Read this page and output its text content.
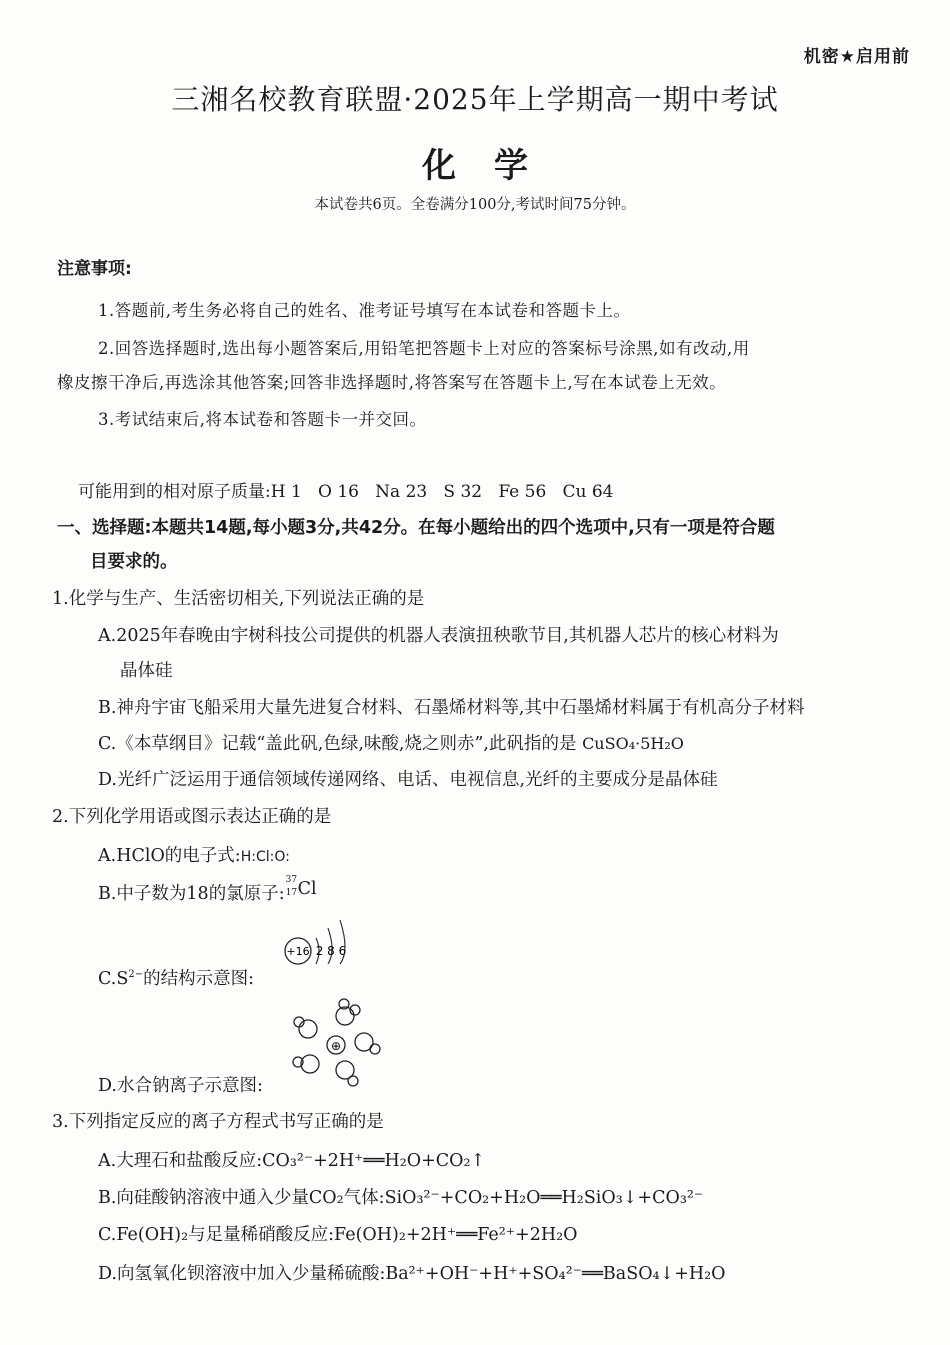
机密★启用前
三湘名校教育联盟·2025年上学期高一期中考试
化学
本试卷共6页。全卷满分100分,考试时间75分钟。
注意事项:
1.答题前,考生务必将自己的姓名、准考证号填写在本试卷和答题卡上。
2.回答选择题时,选出每小题答案后,用铅笔把答题卡上对应的答案标号涂黑,如有改动,用
橡皮擦干净后,再选涂其他答案;回答非选择题时,将答案写在答题卡上,写在本试卷上无效。
3.考试结束后,将本试卷和答题卡一并交回。
可能用到的相对原子质量:H 1   O 16   Na 23   S 32   Fe 56   Cu 64
一、选择题:本题共14题,每小题3分,共42分。在每小题给出的四个选项中,只有一项是符合题
目要求的。
1.化学与生产、生活密切相关,下列说法正确的是
A.2025年春晚由宇树科技公司提供的机器人表演扭秧歌节目,其机器人芯片的核心材料为
晶体硅
B.神舟宇宙飞船采用大量先进复合材料、石墨烯材料等,其中石墨烯材料属于有机高分子材料
C.《本草纲目》记载“盖此矾,色绿,味酸,烧之则赤”,此矾指的是 CuSO₄·5H₂O
D.光纤广泛运用于通信领域传递网络、电话、电视信息,光纤的主要成分是晶体硅
2.下列化学用语或图示表达正确的是
A.HClO的电子式:H:Cl:O:
B.中子数为18的氯原子:
37
17 Cl
+16 2 8 6
$C.S^{2-}$的结构示意图:
⊕
D.水合钠离子示意图:
3.下列指定反应的离子方程式书写正确的是
A.大理石和盐酸反应:CO₃²⁻+2H⁺══H₂O+CO₂↑
B.向硅酸钠溶液中通入少量CO₂气体:SiO₃²⁻+CO₂+H₂O══H₂SiO₃↓+CO₃²⁻
C.Fe(OH)₂与足量稀硝酸反应:Fe(OH)₂+2H⁺══Fe²⁺+2H₂O
D.向氢氧化钡溶液中加入少量稀硫酸:Ba²⁺+OH⁻+H⁺+SO₄²⁻══BaSO₄↓+H₂O
